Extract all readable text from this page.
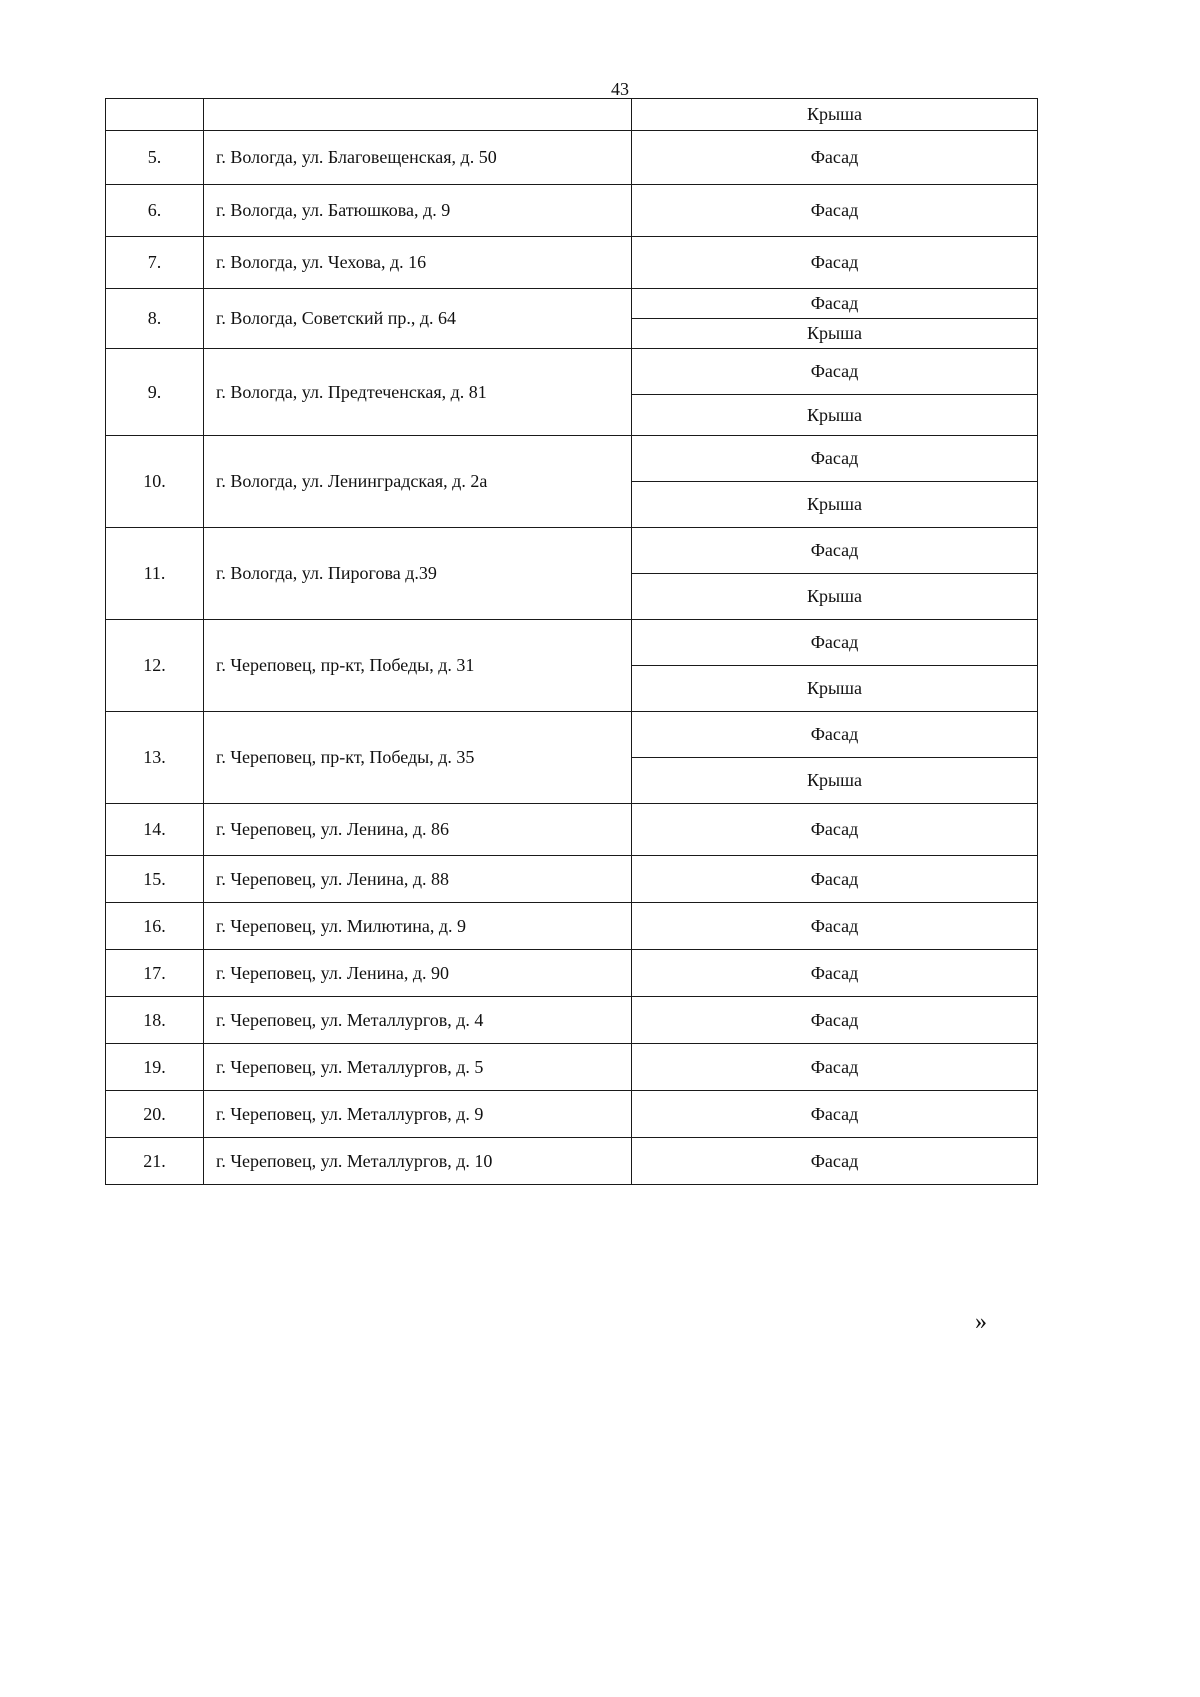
43
		Крыша
5.	г. Вологда, ул. Благовещенская, д. 50	Фасад
6.	г. Вологда, ул. Батюшкова, д. 9	Фасад
7.	г. Вологда, ул. Чехова, д. 16	Фасад
8.	г. Вологда, Советский пр., д. 64	Фасад
		Крыша
9.	г. Вологда, ул. Предтеченская, д. 81	Фасад
		Крыша
10.	г. Вологда, ул. Ленинградская, д. 2а	Фасад
		Крыша
11.	г. Вологда, ул. Пирогова д.39	Фасад
		Крыша
12.	г. Череповец, пр-кт, Победы, д. 31	Фасад
		Крыша
13.	г. Череповец, пр-кт, Победы, д. 35	Фасад
		Крыша
14.	г. Череповец, ул. Ленина, д. 86	Фасад
15.	г. Череповец, ул. Ленина, д. 88	Фасад
16.	г. Череповец, ул. Милютина, д. 9	Фасад
17.	г. Череповец, ул. Ленина, д. 90	Фасад
18.	г. Череповец, ул. Металлургов, д. 4	Фасад
19.	г. Череповец, ул. Металлургов, д. 5	Фасад
20.	г. Череповец, ул. Металлургов, д. 9	Фасад
21.	г. Череповец, ул. Металлургов, д. 10	Фасад
»
